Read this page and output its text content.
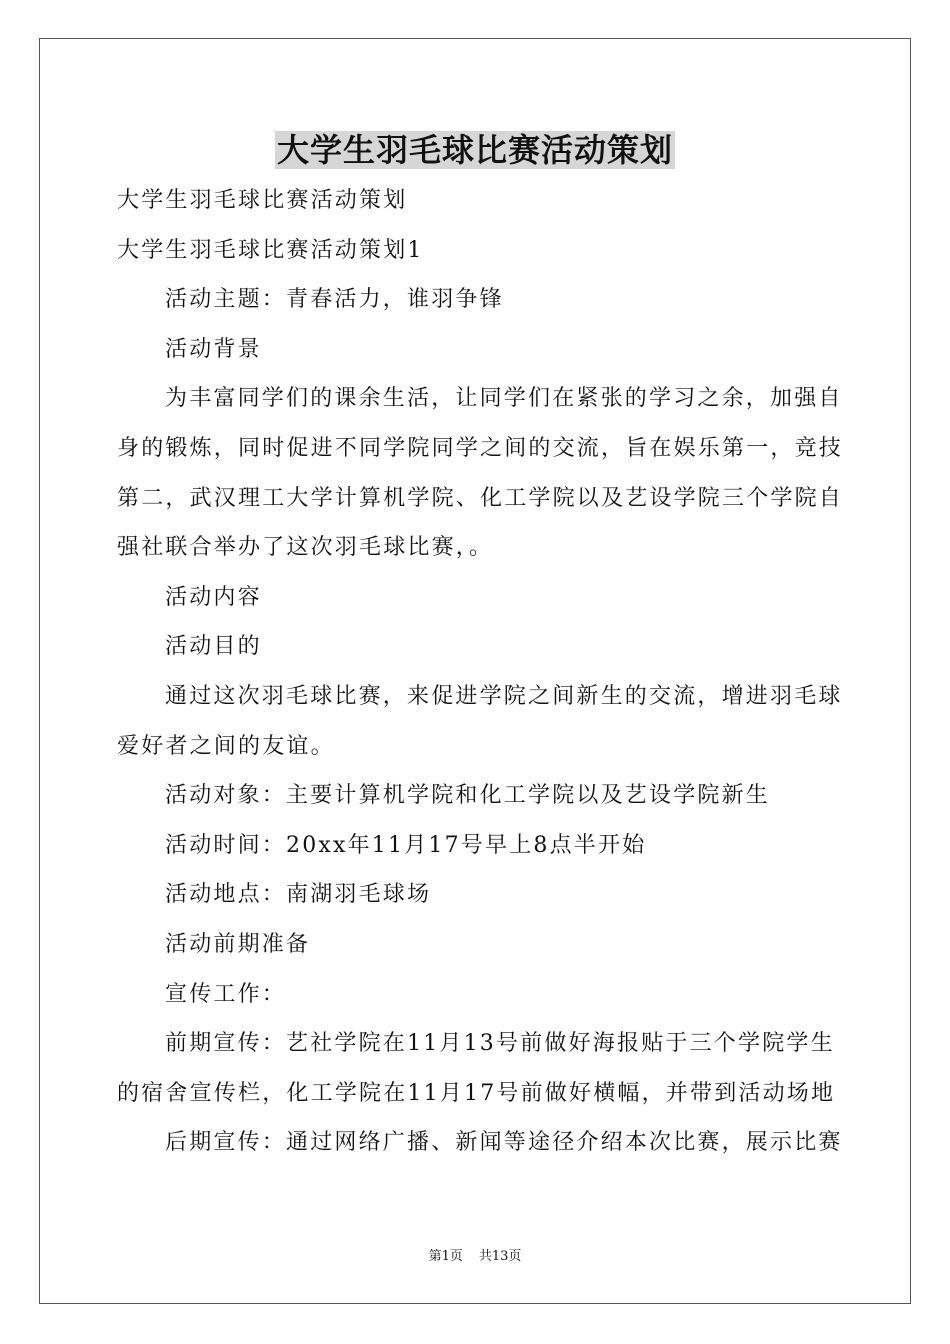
大学生羽毛球比赛活动策划

大学生羽毛球比赛活动策划

大学生羽毛球比赛活动策划1

活动主题：青春活力，谁羽争锋

活动背景

为丰富同学们的课余生活，让同学们在紧张的学习之余，加强自

身的锻炼，同时促进不同学院同学之间的交流，旨在娱乐第一，竞技

第二，武汉理工大学计算机学院、化工学院以及艺设学院三个学院自

强社联合举办了这次羽毛球比赛，。

活动内容

活动目的

通过这次羽毛球比赛，来促进学院之间新生的交流，增进羽毛球

爱好者之间的友谊。

活动对象：主要计算机学院和化工学院以及艺设学院新生

活动时间：20xx年11月17号早上8点半开始

活动地点：南湖羽毛球场

活动前期准备

宣传工作：

前期宣传：艺社学院在11月13号前做好海报贴于三个学院学生

的宿舍宣传栏，化工学院在11月17号前做好横幅，并带到活动场地

后期宣传：通过网络广播、新闻等途径介绍本次比赛，展示比赛

第1页 共13页
